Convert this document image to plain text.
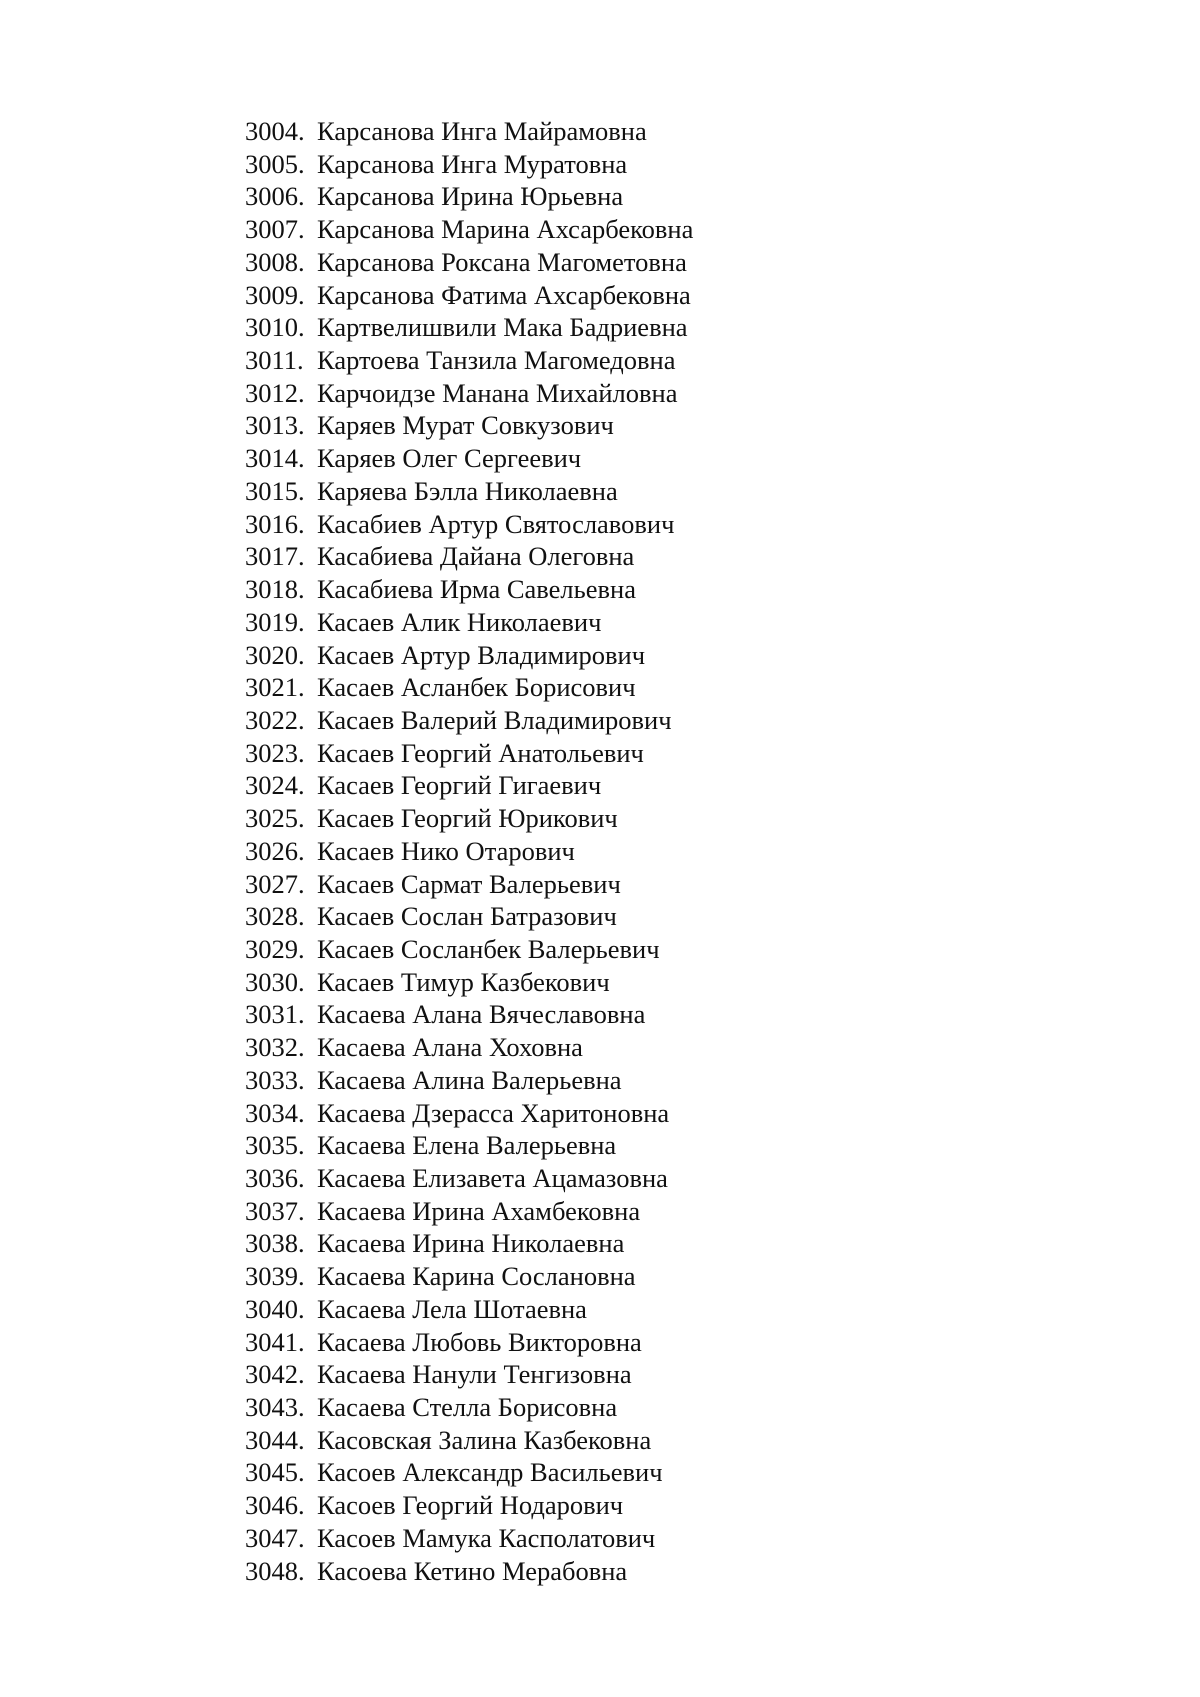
3004. Карсанова Инга Майрамовна
3005. Карсанова Инга Муратовна
3006. Карсанова Ирина Юрьевна
3007. Карсанова Марина Ахсарбековна
3008. Карсанова Роксана Магометовна
3009. Карсанова Фатима Ахсарбековна
3010. Картвелишвили Мака Бадриевна
3011. Картоева Танзила Магомедовна
3012. Карчоидзе Манана Михайловна
3013. Каряев Мурат Совкузович
3014. Каряев Олег Сергеевич
3015. Каряева Бэлла Николаевна
3016. Касабиев Артур Святославович
3017. Касабиева Дайана Олеговна
3018. Касабиева Ирма Савельевна
3019. Касаев Алик Николаевич
3020. Касаев Артур Владимирович
3021. Касаев Асланбек Борисович
3022. Касаев Валерий Владимирович
3023. Касаев Георгий Анатольевич
3024. Касаев Георгий Гигаевич
3025. Касаев Георгий Юрикович
3026. Касаев Нико Отарович
3027. Касаев Сармат Валерьевич
3028. Касаев Сослан Батразович
3029. Касаев Сосланбек Валерьевич
3030. Касаев Тимур Казбекович
3031. Касаева Алана Вячеславовна
3032. Касаева Алана Хоховна
3033. Касаева Алина Валерьевна
3034. Касаева Дзерасса Харитоновна
3035. Касаева Елена Валерьевна
3036. Касаева Елизавета Ацамазовна
3037. Касаева Ирина Ахамбековна
3038. Касаева Ирина Николаевна
3039. Касаева Карина Сослановна
3040. Касаева Лела Шотаевна
3041. Касаева Любовь Викторовна
3042. Касаева Нанули Тенгизовна
3043. Касаева Стелла Борисовна
3044. Касовская Залина Казбековна
3045. Касоев Александр Васильевич
3046. Касоев Георгий Нодарович
3047. Касоев Мамука Касполатович
3048. Касоева Кетино Мерабовна
